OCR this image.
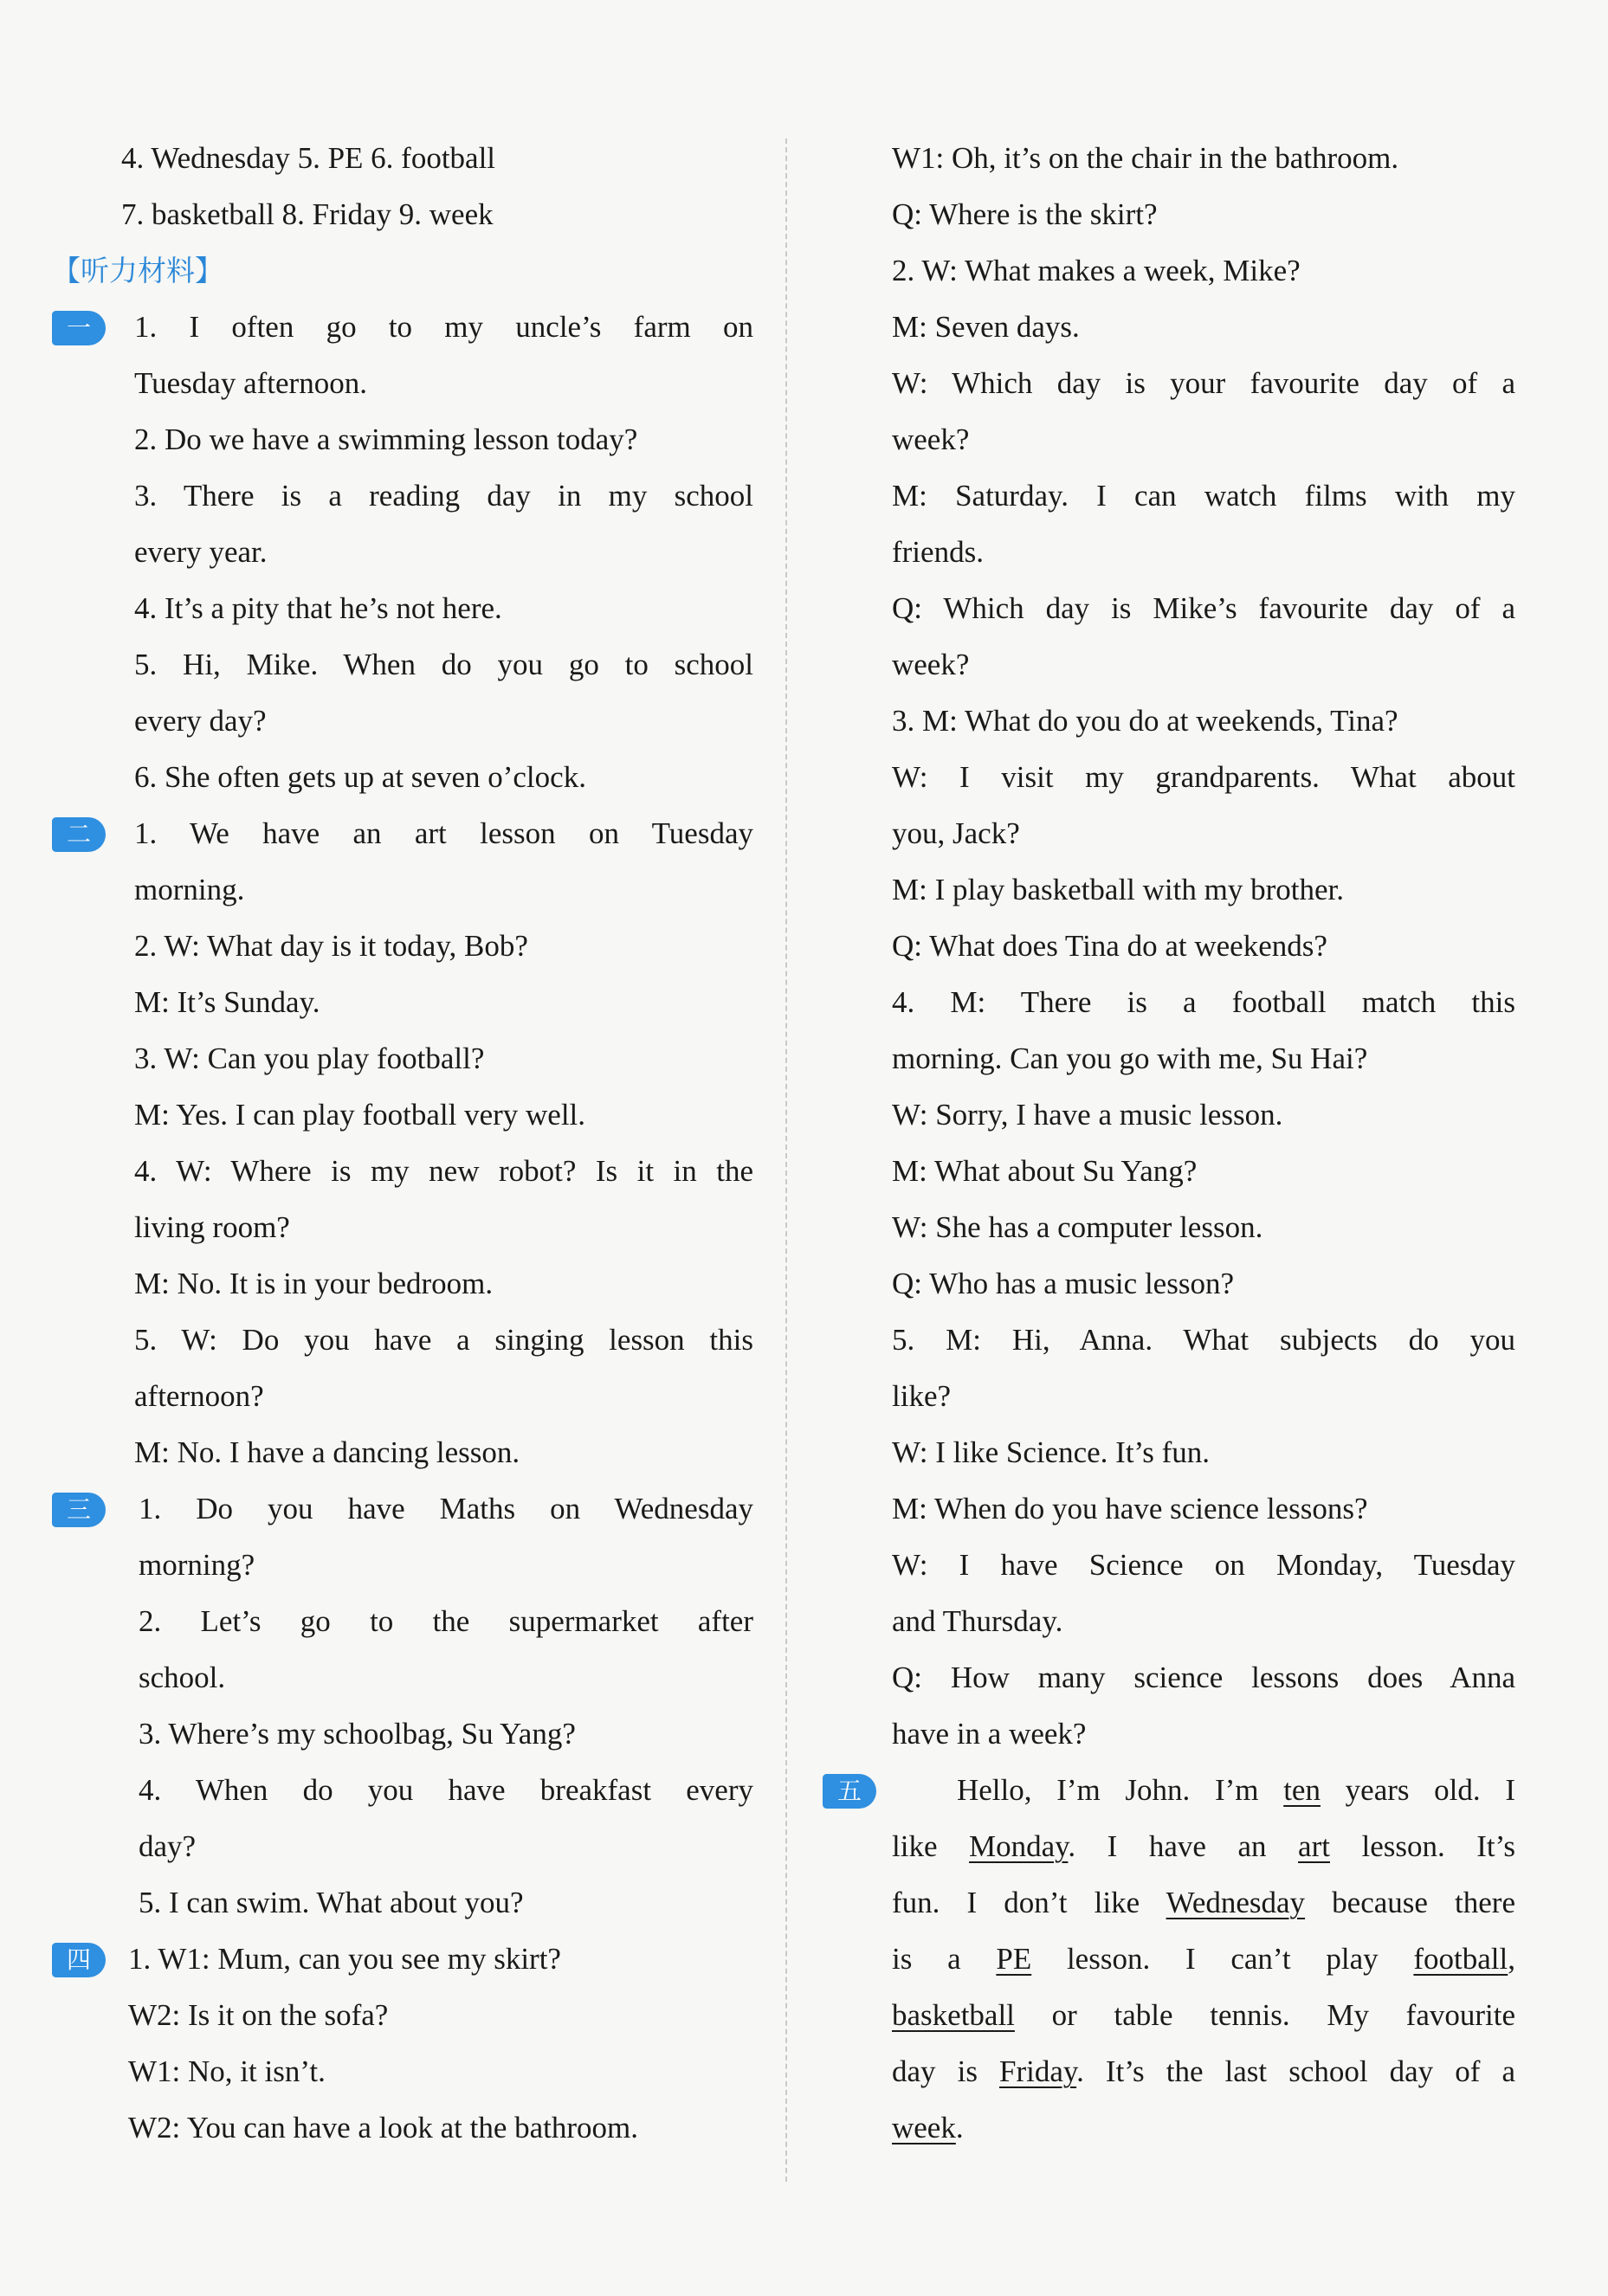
4. Wednesday 5. PE 6. football
7. basketball 8. Friday 9. week
【听力材料】
一	1. I often go to my uncle’s farm on
Tuesday afternoon.
2. Do we have a swimming lesson today?
3. There is a reading day in my school
every year.
4. It’s a pity that he’s not here.
5. Hi, Mike. When do you go to school
every day?
6. She often gets up at seven o’clock.
二	1. We have an art lesson on Tuesday
morning.
2. W: What day is it today, Bob?
M: It’s Sunday.
3. W: Can you play football?
M: Yes. I can play football very well.
4. W: Where is my new robot? Is it in the
living room?
M: No. It is in your bedroom.
5. W: Do you have a singing lesson this
afternoon?
M: No. I have a dancing lesson.
三	1. Do you have Maths on Wednesday
morning?
2. Let’s go to the supermarket after
school.
3. Where’s my schoolbag, Su Yang?
4. When do you have breakfast every
day?
5. I can swim. What about you?
四	1. W1: Mum, can you see my skirt?
W2: Is it on the sofa?
W1: No, it isn’t.
W2: You can have a look at the bathroom.
W1: Oh, it’s on the chair in the bathroom.
Q: Where is the skirt?
2. W: What makes a week, Mike?
M: Seven days.
W: Which day is your favourite day of a
week?
M: Saturday. I can watch films with my
friends.
Q: Which day is Mike’s favourite day of a
week?
3. M: What do you do at weekends, Tina?
W: I visit my grandparents. What about
you, Jack?
M: I play basketball with my brother.
Q: What does Tina do at weekends?
4. M: There is a football match this
morning. Can you go with me, Su Hai?
W: Sorry, I have a music lesson.
M: What about Su Yang?
W: She has a computer lesson.
Q: Who has a music lesson?
5. M: Hi, Anna. What subjects do you
like?
W: I like Science. It’s fun.
M: When do you have science lessons?
W: I have Science on Monday, Tuesday
and Thursday.
Q: How many science lessons does Anna
have in a week?
五	Hello, I’m John. I’m ten years old. I
like Monday. I have an art lesson. It’s
fun. I don’t like Wednesday because there
is a PE lesson. I can’t play football,
basketball or table tennis. My favourite
day is Friday. It’s the last school day of a
week.
